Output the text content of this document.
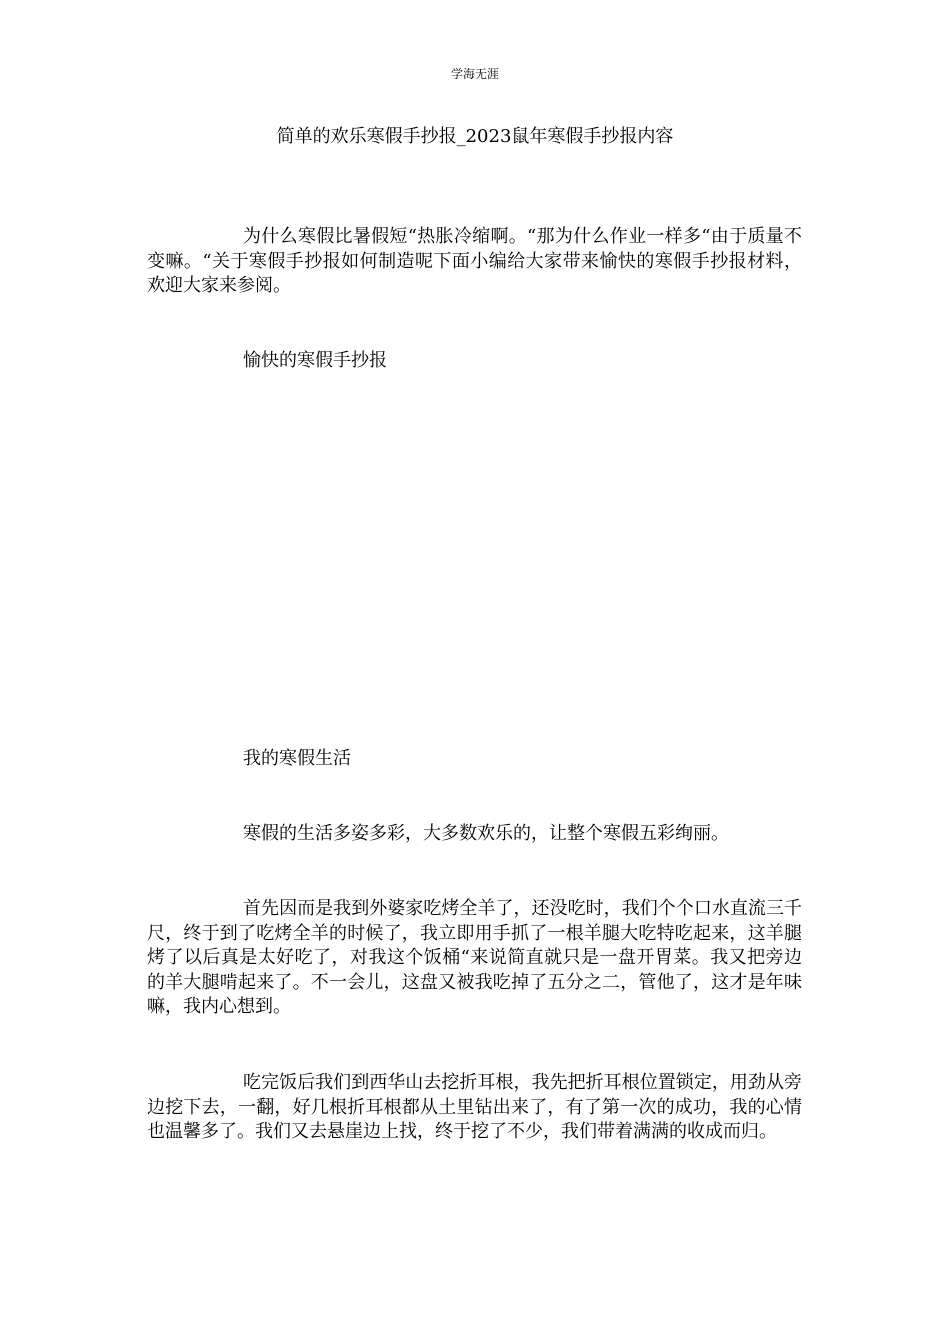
学海无涯
简单的欢乐寒假手抄报_2023鼠年寒假手抄报内容

为什么寒假比暑假短“热胀冷缩啊。“那为什么作业一样多“由于质量不变嘛。“关于寒假手抄报如何制造呢下面小编给大家带来愉快的寒假手抄报材料，欢迎大家来参阅。

愉快的寒假手抄报

我的寒假生活

寒假的生活多姿多彩，大多数欢乐的，让整个寒假五彩绚丽。

首先因而是我到外婆家吃烤全羊了，还没吃时，我们个个口水直流三千尺，终于到了吃烤全羊的时候了，我立即用手抓了一根羊腿大吃特吃起来，这羊腿烤了以后真是太好吃了，对我这个饭桶“来说简直就只是一盘开胃菜。我又把旁边的羊大腿啃起来了。不一会儿，这盘又被我吃掉了五分之二，管他了，这才是年味嘛，我内心想到。

吃完饭后我们到西华山去挖折耳根，我先把折耳根位置锁定，用劲从旁边挖下去，一翻，好几根折耳根都从土里钻出来了，有了第一次的成功，我的心情也温馨多了。我们又去悬崖边上找，终于挖了不少，我们带着满满的收成而归。
